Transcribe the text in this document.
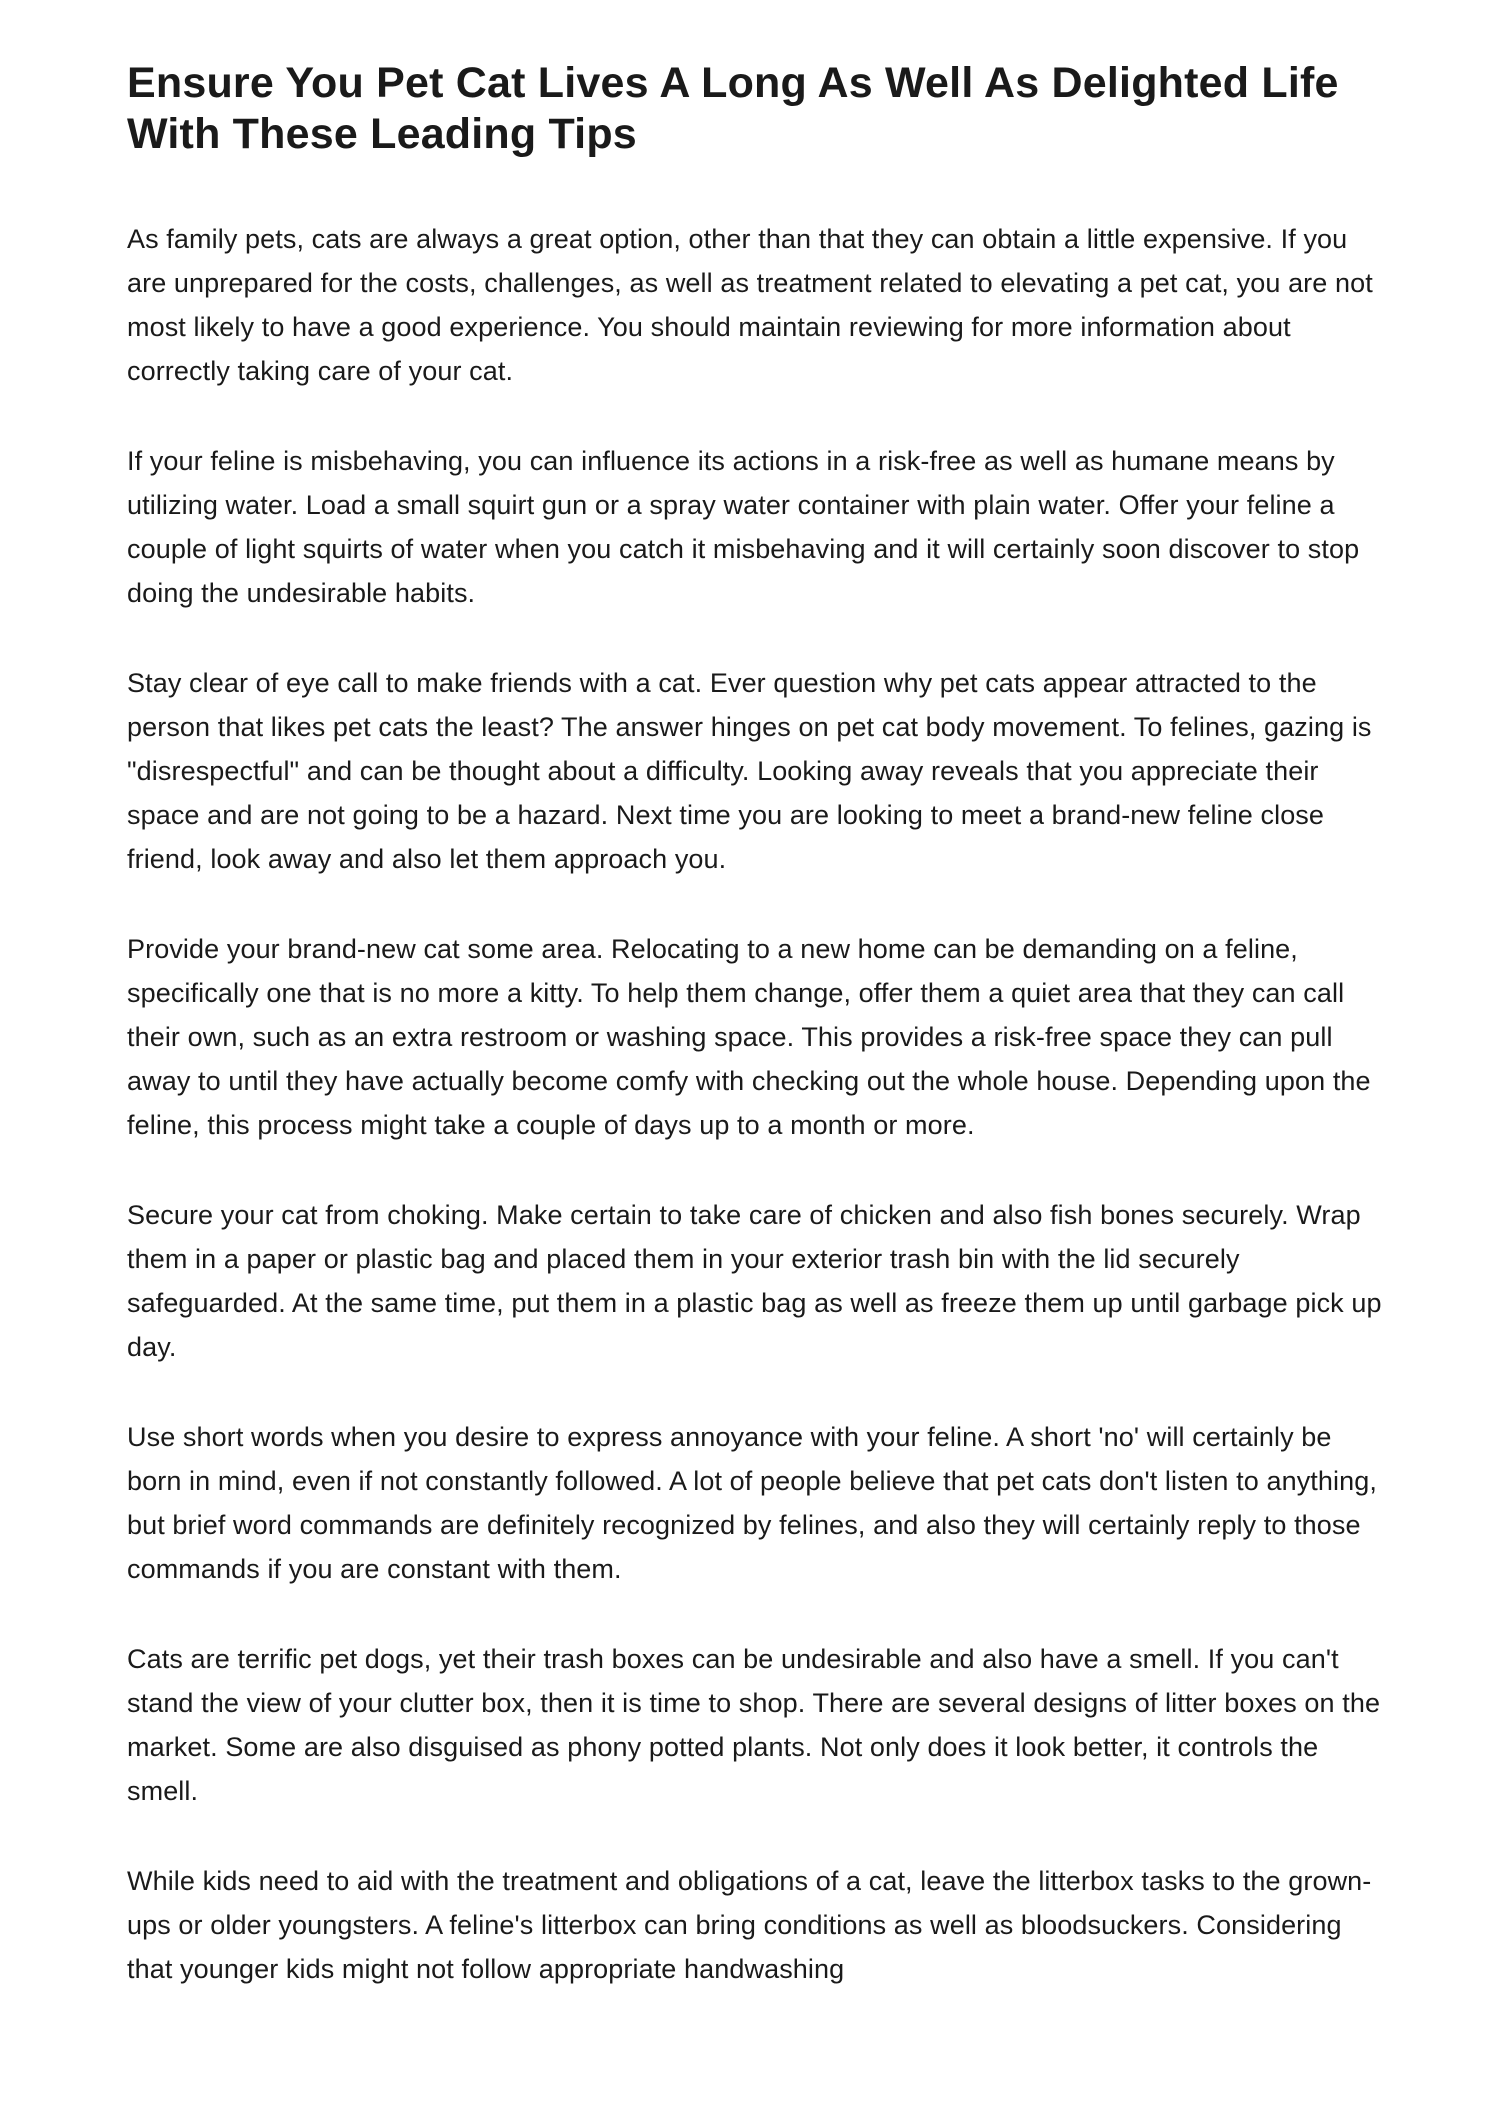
Ensure You Pet Cat Lives A Long As Well As Delighted Life With These Leading Tips

As family pets, cats are always a great option, other than that they can obtain a little expensive. If you are unprepared for the costs, challenges, as well as treatment related to elevating a pet cat, you are not most likely to have a good experience. You should maintain reviewing for more information about correctly taking care of your cat.

If your feline is misbehaving, you can influence its actions in a risk-free as well as humane means by utilizing water. Load a small squirt gun or a spray water container with plain water. Offer your feline a couple of light squirts of water when you catch it misbehaving and it will certainly soon discover to stop doing the undesirable habits.

Stay clear of eye call to make friends with a cat. Ever question why pet cats appear attracted to the person that likes pet cats the least? The answer hinges on pet cat body movement. To felines, gazing is "disrespectful" and can be thought about a difficulty. Looking away reveals that you appreciate their space and are not going to be a hazard. Next time you are looking to meet a brand-new feline close friend, look away and also let them approach you.

Provide your brand-new cat some area. Relocating to a new home can be demanding on a feline, specifically one that is no more a kitty. To help them change, offer them a quiet area that they can call their own, such as an extra restroom or washing space. This provides a risk-free space they can pull away to until they have actually become comfy with checking out the whole house. Depending upon the feline, this process might take a couple of days up to a month or more.

Secure your cat from choking. Make certain to take care of chicken and also fish bones securely. Wrap them in a paper or plastic bag and placed them in your exterior trash bin with the lid securely safeguarded. At the same time, put them in a plastic bag as well as freeze them up until garbage pick up day.

Use short words when you desire to express annoyance with your feline. A short 'no' will certainly be born in mind, even if not constantly followed. A lot of people believe that pet cats don't listen to anything, but brief word commands are definitely recognized by felines, and also they will certainly reply to those commands if you are constant with them.

Cats are terrific pet dogs, yet their trash boxes can be undesirable and also have a smell. If you can't stand the view of your clutter box, then it is time to shop. There are several designs of litter boxes on the market. Some are also disguised as phony potted plants. Not only does it look better, it controls the smell.

While kids need to aid with the treatment and obligations of a cat, leave the litterbox tasks to the grown-ups or older youngsters. A feline's litterbox can bring conditions as well as bloodsuckers. Considering that younger kids might not follow appropriate handwashing
